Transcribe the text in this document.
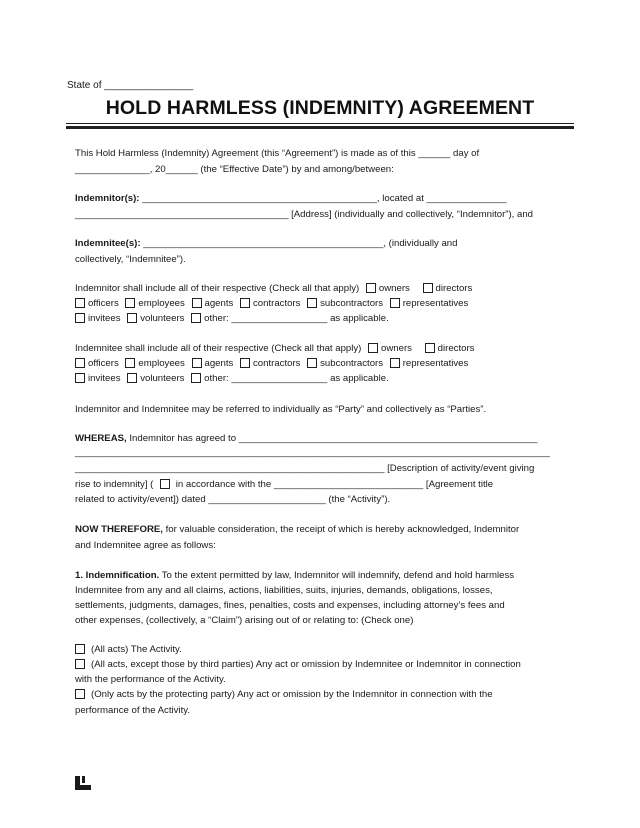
State of ________________
HOLD HARMLESS (INDEMNITY) AGREEMENT
This Hold Harmless (Indemnity) Agreement (this “Agreement”) is made as of this ______ day of
______________, 20______ (the “Effective Date”) by and among/between:
Indemnitor(s): ____________________________________________, located at _______________
________________________________________ [Address] (individually and collectively, “Indemnitor”), and
Indemnitee(s): _____________________________________________, (individually and
collectively, “Indemnitee”).
Indemnitor shall include all of their respective (Check all that apply) owners	directors
officers employees agents contractors subcontractors representatives
invitees volunteers other: __________________ as applicable.
Indemnitee shall include all of their respective (Check all that apply) owners	directors
officers employees agents contractors subcontractors representatives
invitees volunteers other: __________________ as applicable.
Indemnitor and Indemnitee may be referred to individually as “Party” and collectively as “Parties”.
WHEREAS, Indemnitor has agreed to ________________________________________________________
_________________________________________________________________________________________
__________________________________________________________ [Description of activity/event giving
rise to indemnity] ( in accordance with the ____________________________ [Agreement title
related to activity/event]) dated ______________________ (the “Activity”).
NOW THEREFORE, for valuable consideration, the receipt of which is hereby acknowledged, Indemnitor
and Indemnitee agree as follows:
1. Indemnification. To the extent permitted by law, Indemnitor will indemnify, defend and hold harmless
Indemnitee from any and all claims, actions, liabilities, suits, injuries, demands, obligations, losses,
settlements, judgments, damages, fines, penalties, costs and expenses, including attorney’s fees and
other expenses, (collectively, a “Claim”) arising out of or relating to: (Check one)
(All acts) The Activity.
(All acts, except those by third parties) Any act or omission by Indemnitee or Indemnitor in connection
with the performance of the Activity.
(Only acts by the protecting party) Any act or omission by the Indemnitor in connection with the
performance of the Activity.
